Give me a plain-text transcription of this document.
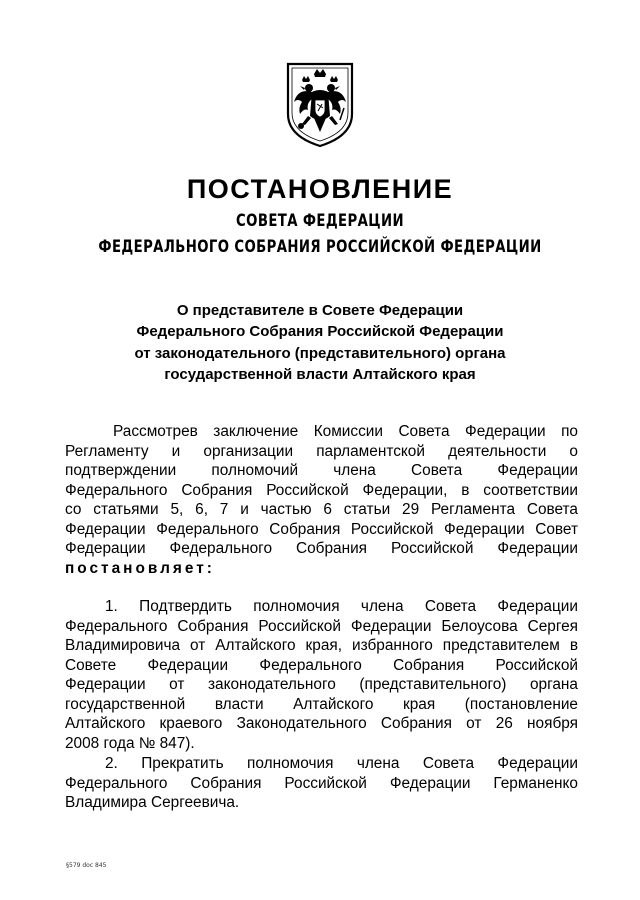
ПОСТАНОВЛЕНИЕ
СОВЕТА ФЕДЕРАЦИИ
ФЕДЕРАЛЬНОГО СОБРАНИЯ РОССИЙСКОЙ ФЕДЕРАЦИИ
О представителе в Совете Федерации
Федерального Собрания Российской Федерации
от законодательного (представительного) органа
государственной власти Алтайского края
Рассмотрев заключение Комиссии Совета Федерации по
Регламенту и организации парламентской деятельности о
подтверждении полномочий члена Совета Федерации
Федерального Собрания Российской Федерации, в соответствии
со статьями 5, 6, 7 и частью 6 статьи 29 Регламента Совета
Федерации Федерального Собрания Российской Федерации Совет
Федерации Федерального Собрания Российской Федерации
постановляет:
1. Подтвердить полномочия члена Совета Федерации
Федерального Собрания Российской Федерации Белоусова Сергея
Владимировича от Алтайского края, избранного представителем в
Совете Федерации Федерального Собрания Российской
Федерации от законодательного (представительного) органа
государственной власти Алтайского края (постановление
Алтайского краевого Законодательного Собрания от 26 ноября
2008 года № 847).
2. Прекратить полномочия члена Совета Федерации
Федерального Собрания Российской Федерации Германенко
Владимира Сергеевича.
§579 doc 845
